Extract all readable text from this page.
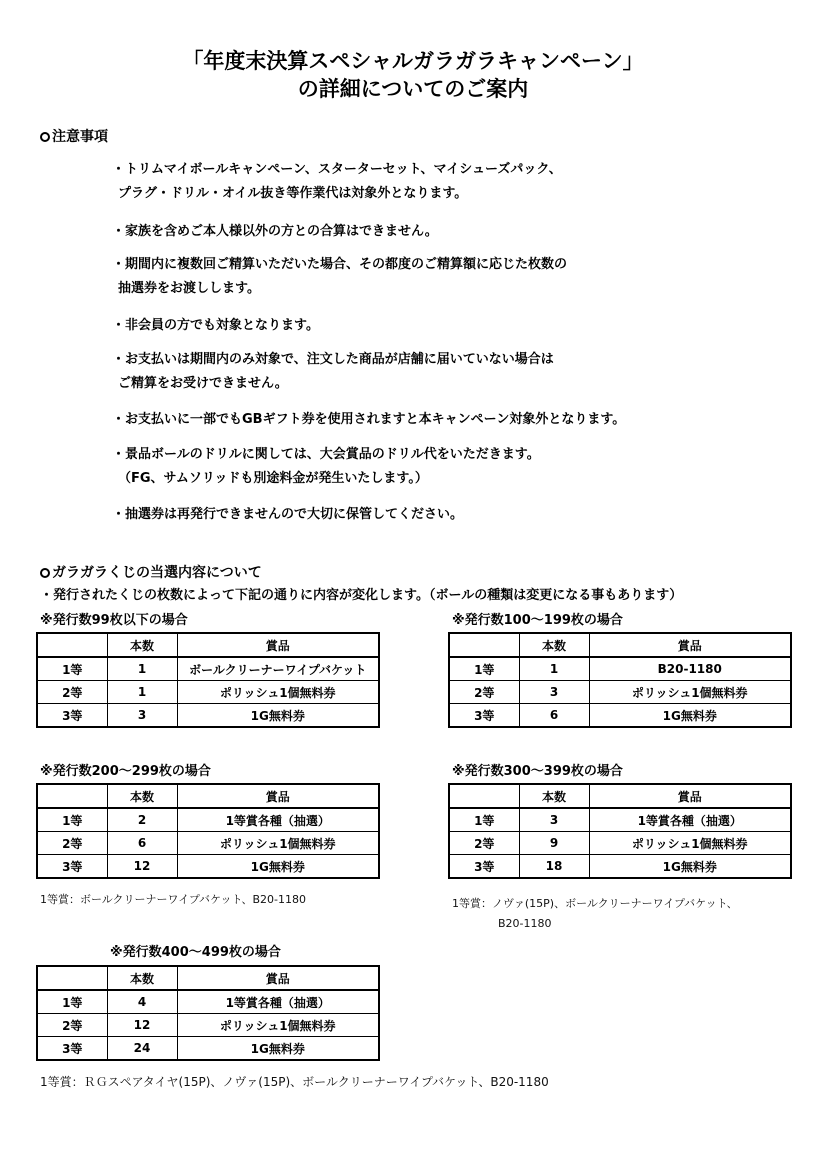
「年度末決算スペシャルガラガラキャンペーン」
の詳細についてのご案内
注意事項
・トリムマイボールキャンペーン、スターターセット、マイシューズパック、
プラグ・ドリル・オイル抜き等作業代は対象外となります。
・家族を含めご本人様以外の方との合算はできません。
・期間内に複数回ご精算いただいた場合、その都度のご精算額に応じた枚数の
抽選券をお渡しします。
・非会員の方でも対象となります。
・お支払いは期間内のみ対象で、注文した商品が店舗に届いていない場合は
ご精算をお受けできません。
・お支払いに一部でもGBギフト券を使用されますと本キャンペーン対象外となります。
・景品ボールのドリルに関しては、大会賞品のドリル代をいただきます。
（FG、サムソリッドも別途料金が発生いたします。）
・抽選券は再発行できませんので大切に保管してください。
ガラガラくじの当選内容について
・発行されたくじの枚数によって下記の通りに内容が変化します。（ボールの種類は変更になる事もあります）
※発行数99枚以下の場合
	本数	賞品
1等	1	ボールクリーナーワイプバケット
2等	1	ポリッシュ1個無料券
3等	3	1G無料券
※発行数100～199枚の場合
	本数	賞品
1等	1	B20-1180
2等	3	ポリッシュ1個無料券
3等	6	1G無料券
※発行数200～299枚の場合
	本数	賞品
1等	2	1等賞各種（抽選）
2等	6	ポリッシュ1個無料券
3等	12	1G無料券
1等賞：ボールクリーナーワイプバケット、B20-1180
※発行数300～399枚の場合
	本数	賞品
1等	3	1等賞各種（抽選）
2等	9	ポリッシュ1個無料券
3等	18	1G無料券
1等賞：ノヴァ(15P)、ボールクリーナーワイプバケット、
B20-1180
※発行数400～499枚の場合
	本数	賞品
1等	4	1等賞各種（抽選）
2等	12	ポリッシュ1個無料券
3等	24	1G無料券
1等賞：ＲＧスペアタイヤ(15P)、ノヴァ(15P)、ボールクリーナーワイプバケット、B20-1180
